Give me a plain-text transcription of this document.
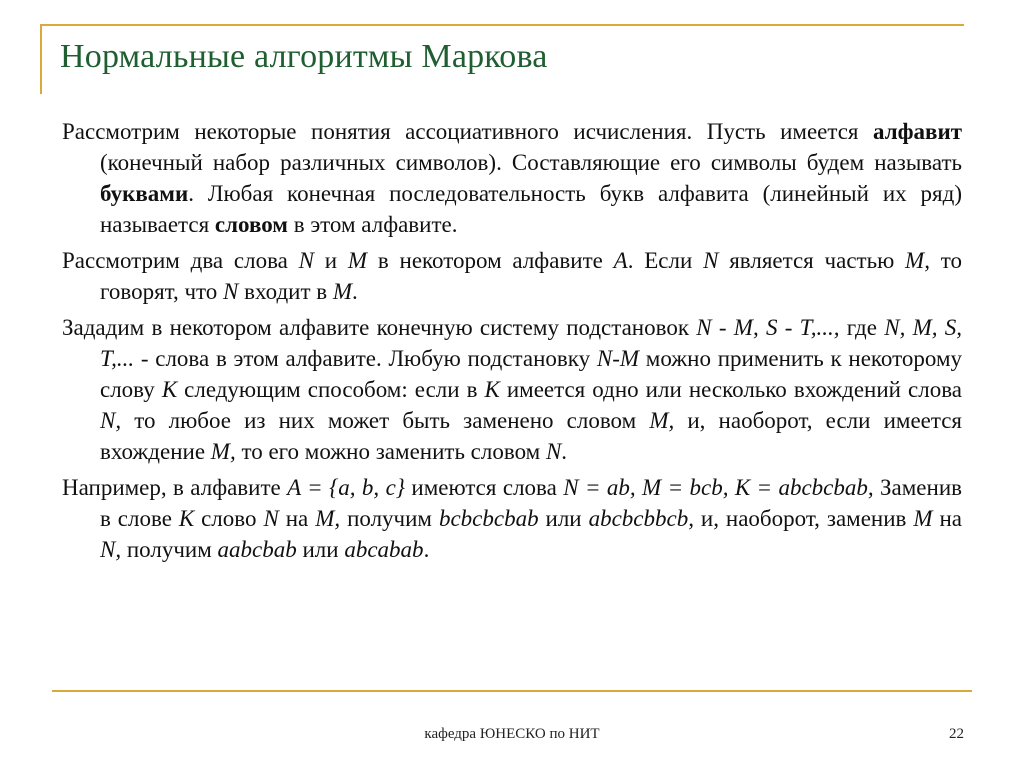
Нормальные алгоритмы Маркова

Рассмотрим некоторые понятия ассоциативного исчисления. Пусть имеется алфавит (конечный набор различных символов). Составляющие его символы будем называть буквами. Любая конечная последовательность букв алфавита (линейный их ряд) называется словом в этом алфавите.

Рассмотрим два слова N и M в некотором алфавите A. Если N является частью M, то говорят, что N входит в M.

Зададим в некотором алфавите конечную систему подстановок N - M, S - T,..., где N, M, S, T,... - слова в этом алфавите. Любую подстановку N-M можно применить к некоторому слову К следующим способом: если в К имеется одно или несколько вхождений слова N, то любое из них может быть заменено словом M, и, наоборот, если имеется вхождение M, то его можно заменить словом N.

Например, в алфавите A = {a, b, c} имеются слова N = ab, M = bcb, К = abcbcbab, Заменив в слове К слово N на M, получим bcbcbcbab или abcbcbbcb, и, наоборот, заменив M на N, получим aabcbab или abcabab.

кафедра ЮНЕСКО по НИТ	22
